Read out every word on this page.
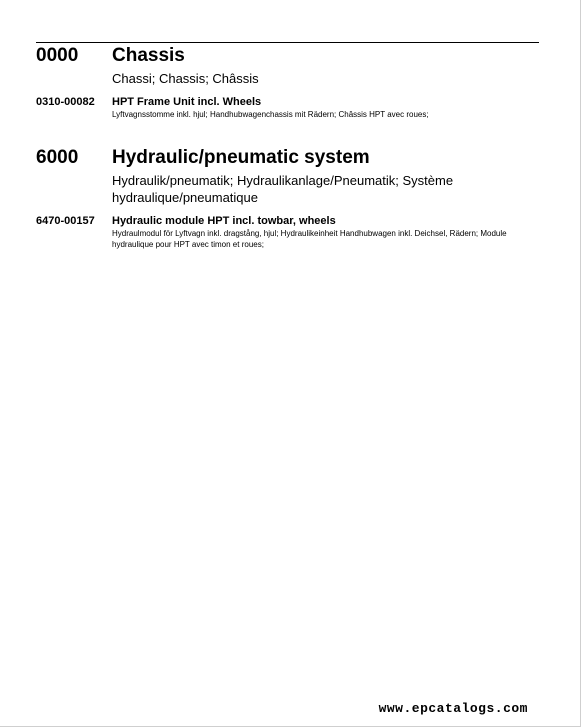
0000 Chassis
Chassi; Chassis; Châssis
0310-00082 HPT Frame Unit incl. Wheels
Lyftvagnsstomme inkl. hjul; Handhubwagenchassis mit Rädern; Châssis HPT avec roues;
6000 Hydraulic/pneumatic system
Hydraulik/pneumatik; Hydraulikanlage/Pneumatik; Système hydraulique/pneumatique
6470-00157 Hydraulic module HPT incl. towbar, wheels
Hydraulmodul för Lyftvagn inkl. dragstång, hjul; Hydraulikeinheit Handhubwagen inkl. Deichsel, Rädern; Module hydraulique pour HPT avec timon et roues;
www.epcatalogs.com
